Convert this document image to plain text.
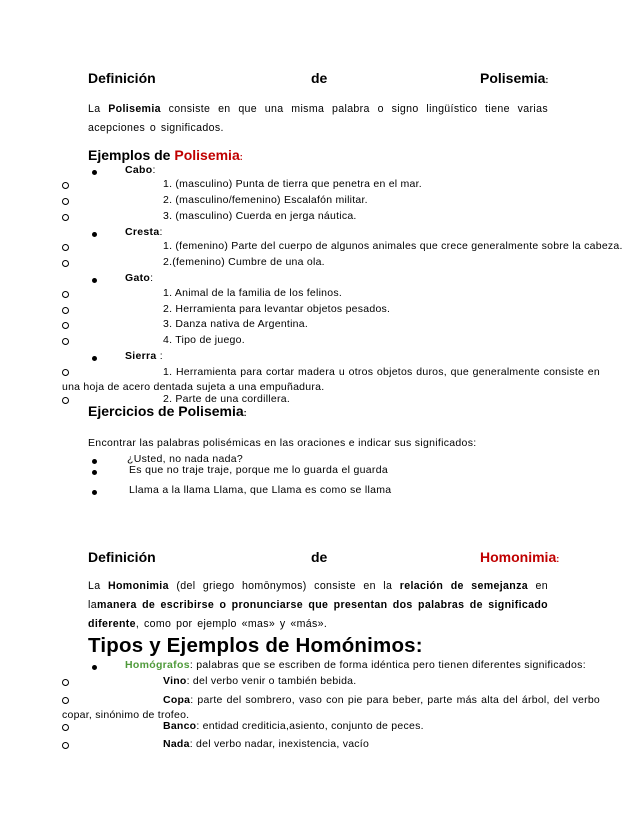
Definición	de	Polisemia:
La Polisemia consiste en que una misma palabra o signo lingüístico tiene varias acepciones o significados.
Ejemplos de Polisemia:
Cabo:
1. (masculino) Punta de tierra que penetra en el mar.
2. (masculino/femenino) Escalafón militar.
3. (masculino) Cuerda en jerga náutica.
Cresta:
1. (femenino) Parte del cuerpo de algunos animales que crece generalmente sobre la cabeza.
2.(femenino) Cumbre de una ola.
Gato:
1. Animal de la familia de los felinos.
2. Herramienta para levantar objetos pesados.
3. Danza nativa de Argentina.
4. Tipo de juego.
Sierra :
1. Herramienta para cortar madera u otros objetos duros, que generalmente consiste en una hoja de acero dentada sujeta a una empuñadura.
2. Parte de una cordillera.
Ejercicios de Polisemia:
Encontrar las palabras polisémicas en las oraciones e indicar sus significados:
¿Usted, no nada nada?
Es que no traje traje, porque me lo guarda el guarda
Llama a la llama Llama, que Llama es como se llama
Definición	de	Homonimia:
La Homonimia (del griego homōnymos) consiste en la relación de semejanza en lamanera de escribirse o pronunciarse que presentan dos palabras de significado diferente, como por ejemplo «mas» y «más».
Tipos y Ejemplos de Homónimos:
Homógrafos: palabras que se escriben de forma idéntica pero tienen diferentes significados:
Vino: del verbo venir o también bebida.
Copa: parte del sombrero, vaso con pie para beber, parte más alta del árbol, del verbo copar, sinónimo de trofeo.
Banco: entidad crediticia,asiento, conjunto de peces.
Nada: del verbo nadar, inexistencia, vacío
